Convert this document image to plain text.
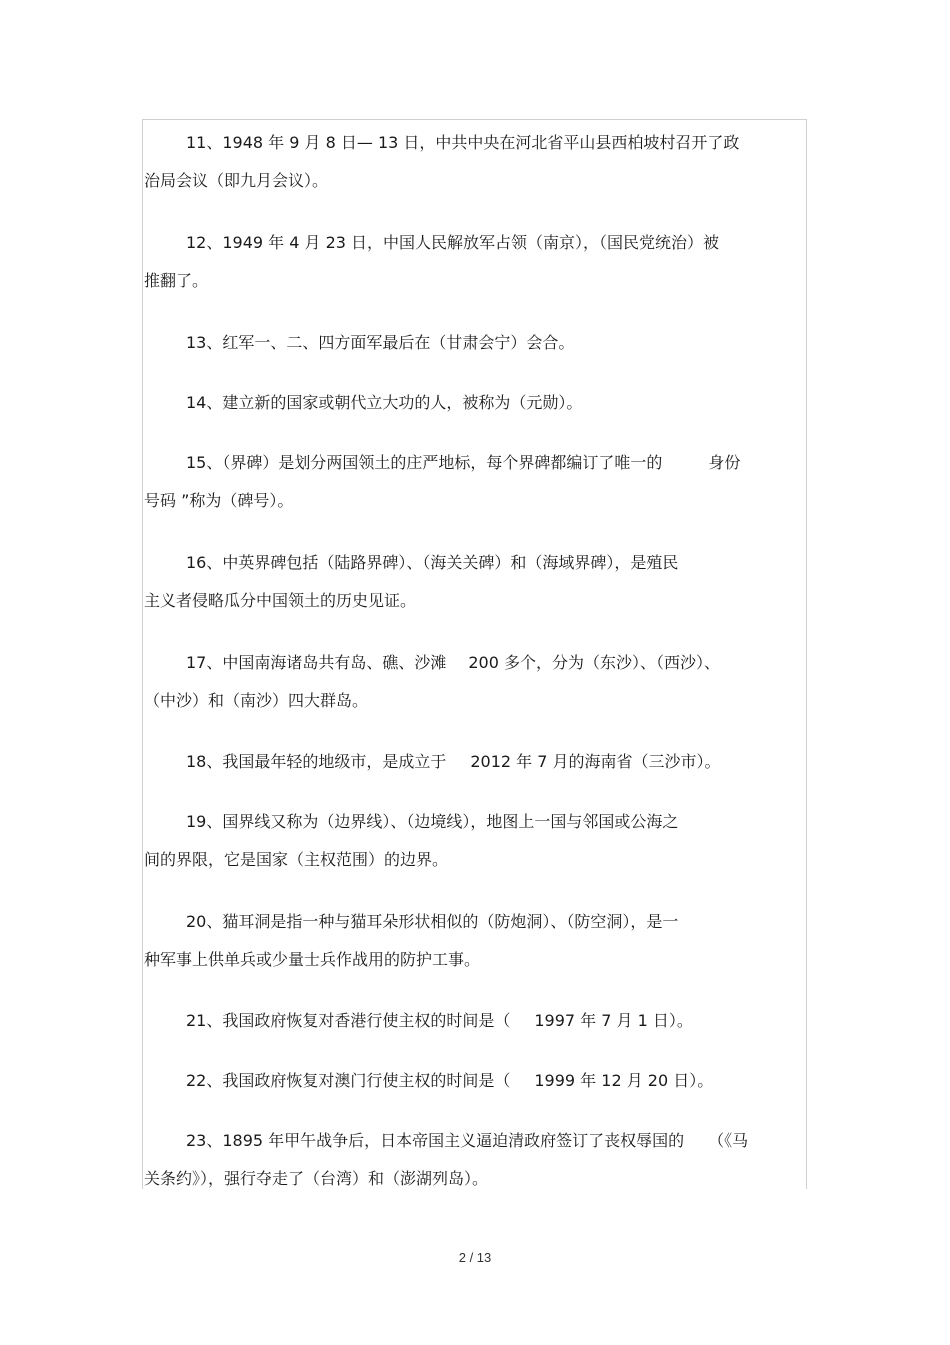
11、1948 年 9 月 8 日— 13 日，中共中央在河北省平山县西柏坡村召开了政
治局会议（即九月会议）。
12、1949 年 4 月 23 日，中国人民解放军占领（南京），（国民党统治）被
推翻了。
13、红军一、二、四方面军最后在（甘肃会宁）会合。
14、建立新的国家或朝代立大功的人，被称为（元勋）。
15、（界碑）是划分两国领土的庄严地标，每个界碑都编订了唯一的	身份
号码 ”称为（碑号）。
16、中英界碑包括（陆路界碑）、（海关关碑）和（海域界碑），是殖民
主义者侵略瓜分中国领土的历史见证。
17、中国南海诸岛共有岛、礁、沙滩 200 多个，分为（东沙）、（西沙）、
（中沙）和（南沙）四大群岛。
18、我国最年轻的地级市，是成立于 2012 年 7 月的海南省（三沙市）。
19、国界线又称为（边界线）、（边境线），地图上一国与邻国或公海之
间的界限，它是国家（主权范围）的边界。
20、猫耳洞是指一种与猫耳朵形状相似的（防炮洞）、（防空洞），是一
种军事上供单兵或少量士兵作战用的防护工事。
21、我国政府恢复对香港行使主权的时间是（ 1997 年 7 月 1 日）。
22、我国政府恢复对澳门行使主权的时间是（ 1999 年 12 月 20 日）。
23、1895 年甲午战争后，日本帝国主义逼迫清政府签订了丧权辱国的 （《马
关条约》），强行夺走了（台湾）和（澎湖列岛）。
2 / 13
